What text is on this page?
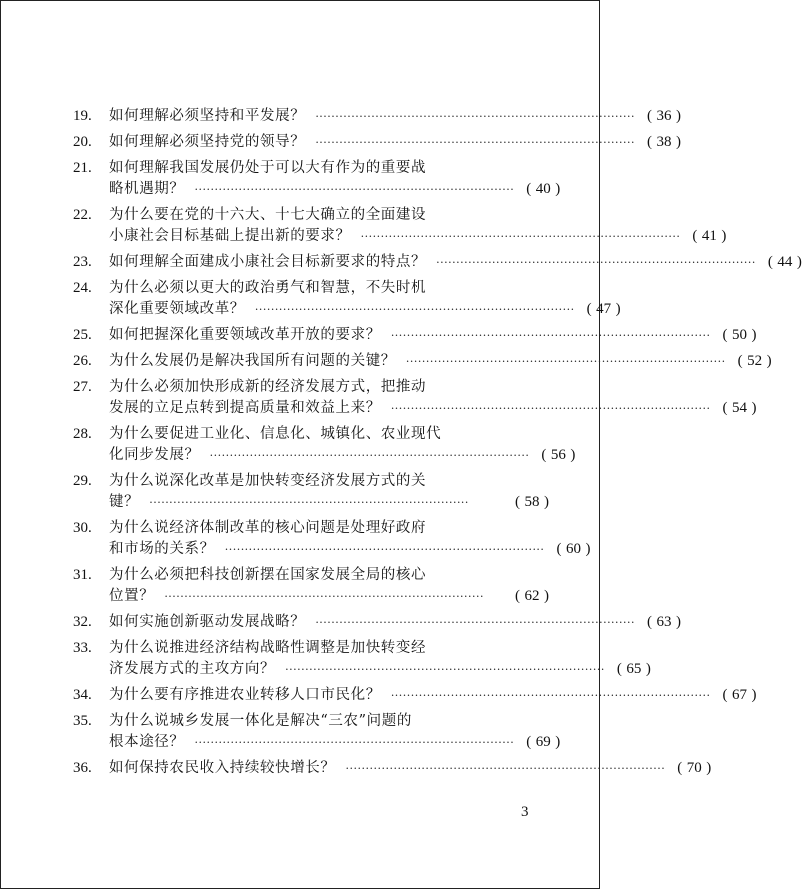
19.	如何理解必须坚持和平发展？ ·····	( 36 )
20.	如何理解必须坚持党的领导？ ·····	( 38 )
21.	如何理解我国发展仍处于可以大有作为的重要战
略机遇期？ ·····	( 40 )
22.	为什么要在党的十六大、十七大确立的全面建设
小康社会目标基础上提出新的要求？ ·····	( 41 )
23.	如何理解全面建成小康社会目标新要求的特点？ ·····	( 44 )
24.	为什么必须以更大的政治勇气和智慧，不失时机
深化重要领域改革？ ·····	( 47 )
25.	如何把握深化重要领域改革开放的要求？ ·····	( 50 )
26.	为什么发展仍是解决我国所有问题的关键？ ·····	( 52 )
27.	为什么必须加快形成新的经济发展方式，把推动
发展的立足点转到提高质量和效益上来？ ·····	( 54 )
28.	为什么要促进工业化、信息化、城镇化、农业现代
化同步发展？ ·····	( 56 )
29.	为什么说深化改革是加快转变经济发展方式的关
键？ ·····	( 58 )
30.	为什么说经济体制改革的核心问题是处理好政府
和市场的关系？ ·····	( 60 )
31.	为什么必须把科技创新摆在国家发展全局的核心
位置？ ·····	( 62 )
32.	如何实施创新驱动发展战略？ ·····	( 63 )
33.	为什么说推进经济结构战略性调整是加快转变经
济发展方式的主攻方向？ ·····	( 65 )
34.	为什么要有序推进农业转移人口市民化？ ·····	( 67 )
35.	为什么说城乡发展一体化是解决“三农”问题的
根本途径？ ·····	( 69 )
36.	如何保持农民收入持续较快增长？ ·····	( 70 )
3
